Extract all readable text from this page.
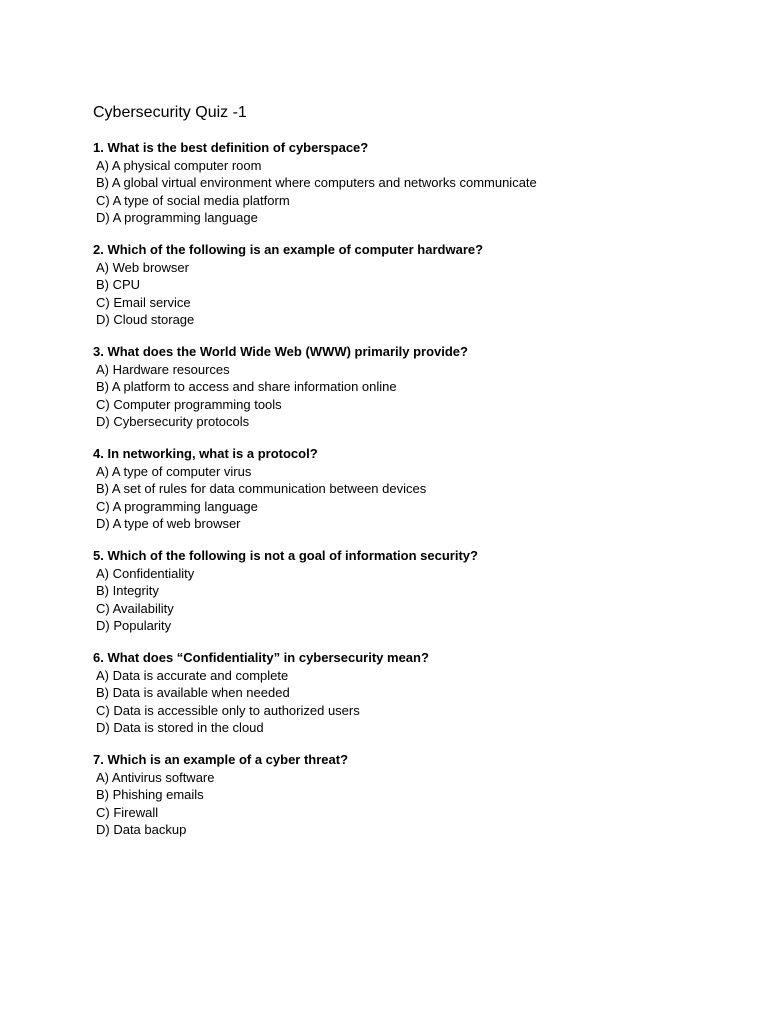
Cybersecurity Quiz -1

1. What is the best definition of cyberspace?

A) A physical computer room
B) A global virtual environment where computers and networks communicate
C) A type of social media platform
D) A programming language

2. Which of the following is an example of computer hardware?

A) Web browser
B) CPU
C) Email service
D) Cloud storage

3. What does the World Wide Web (WWW) primarily provide?

A) Hardware resources
B) A platform to access and share information online
C) Computer programming tools
D) Cybersecurity protocols

4. In networking, what is a protocol?

A) A type of computer virus
B) A set of rules for data communication between devices
C) A programming language
D) A type of web browser

5. Which of the following is not a goal of information security?

A) Confidentiality
B) Integrity
C) Availability
D) Popularity

6. What does “Confidentiality” in cybersecurity mean?

A) Data is accurate and complete
B) Data is available when needed
C) Data is accessible only to authorized users
D) Data is stored in the cloud

7. Which is an example of a cyber threat?

A) Antivirus software
B) Phishing emails
C) Firewall
D) Data backup
